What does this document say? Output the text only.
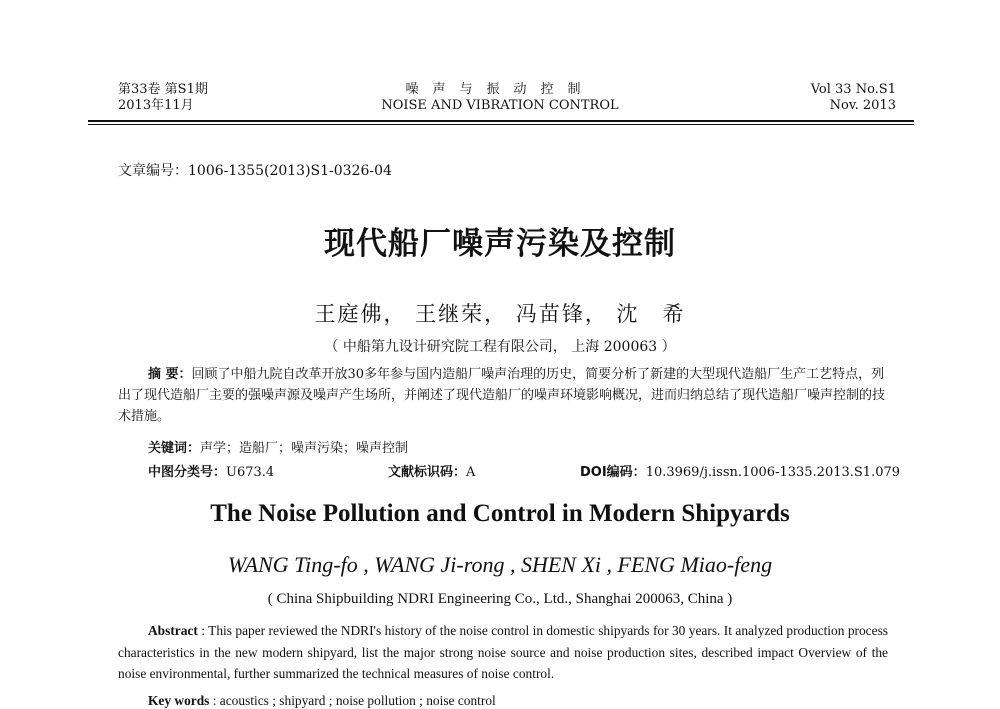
第33卷 第S1期
2013年11月
噪声与振动控制
NOISE AND VIBRATION CONTROL
Vol 33 No.S1
Nov. 2013
文章编号：1006-1355(2013)S1-0326-04
现代船厂噪声污染及控制
王庭佛， 王继荣， 冯苗锋， 沈　希
（ 中船第九设计研究院工程有限公司， 上海 200063 ）
摘 要：回顾了中船九院自改革开放30多年参与国内造船厂噪声治理的历史，简要分析了新建的大型现代造船厂生产工艺特点，列出了现代造船厂主要的强噪声源及噪声产生场所，并阐述了现代造船厂的噪声环境影响概况，进而归纳总结了现代造船厂噪声控制的技术措施。
关键词：声学；造船厂；噪声污染；噪声控制
中图分类号：U673.4	文献标识码：A	DOI编码：10.3969/j.issn.1006-1335.2013.S1.079
The Noise Pollution and Control in Modern Shipyards
WANG Ting-fo , WANG Ji-rong , SHEN Xi , FENG Miao-feng
( China Shipbuilding NDRI Engineering Co., Ltd., Shanghai 200063, China )
Abstract : This paper reviewed the NDRI's history of the noise control in domestic shipyards for 30 years. It analyzed production process characteristics in the new modern shipyard, list the major strong noise source and noise production sites, described impact Overview of the noise environmental, further summarized the technical measures of noise control.
Key words : acoustics ; shipyard ; noise pollution ; noise control
